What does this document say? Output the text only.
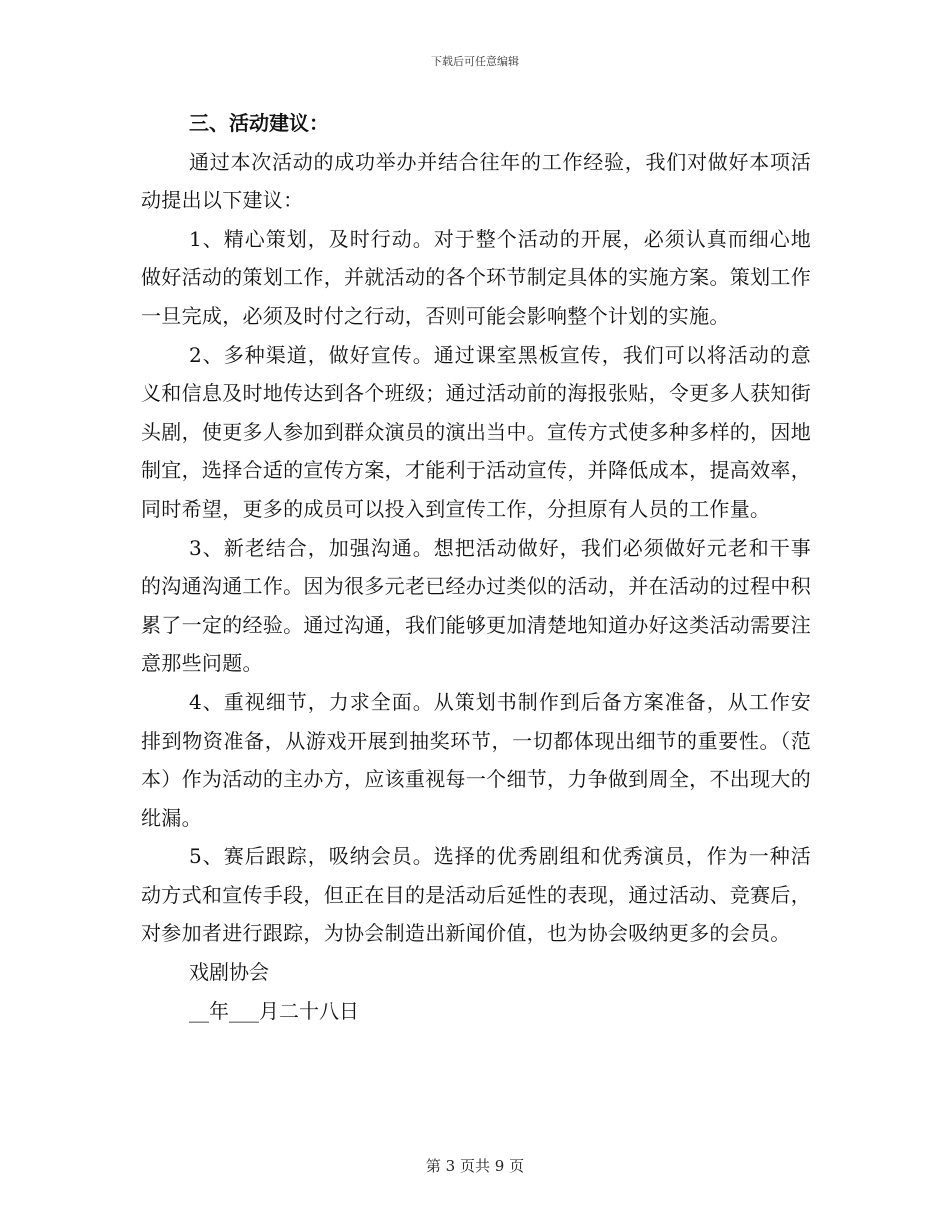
下载后可任意编辑

三、活动建议：

通过本次活动的成功举办并结合往年的工作经验，我们对做好本项活动提出以下建议：

1、精心策划，及时行动。对于整个活动的开展，必须认真而细心地做好活动的策划工作，并就活动的各个环节制定具体的实施方案。策划工作一旦完成，必须及时付之行动，否则可能会影响整个计划的实施。

2、多种渠道，做好宣传。通过课室黑板宣传，我们可以将活动的意义和信息及时地传达到各个班级；通过活动前的海报张贴，令更多人获知街头剧，使更多人参加到群众演员的演出当中。宣传方式使多种多样的，因地制宜，选择合适的宣传方案，才能利于活动宣传，并降低成本，提高效率，同时希望，更多的成员可以投入到宣传工作，分担原有人员的工作量。

3、新老结合，加强沟通。想把活动做好，我们必须做好元老和干事的沟通沟通工作。因为很多元老已经办过类似的活动，并在活动的过程中积累了一定的经验。通过沟通，我们能够更加清楚地知道办好这类活动需要注意那些问题。

4、重视细节，力求全面。从策划书制作到后备方案准备，从工作安排到物资准备，从游戏开展到抽奖环节，一切都体现出细节的重要性。（范本）作为活动的主办方，应该重视每一个细节，力争做到周全，不出现大的纰漏。

5、赛后跟踪，吸纳会员。选择的优秀剧组和优秀演员，作为一种活动方式和宣传手段，但正在目的是活动后延性的表现，通过活动、竞赛后，对参加者进行跟踪，为协会制造出新闻价值，也为协会吸纳更多的会员。

戏剧协会

__年___月二十八日

第 3 页共 9 页
